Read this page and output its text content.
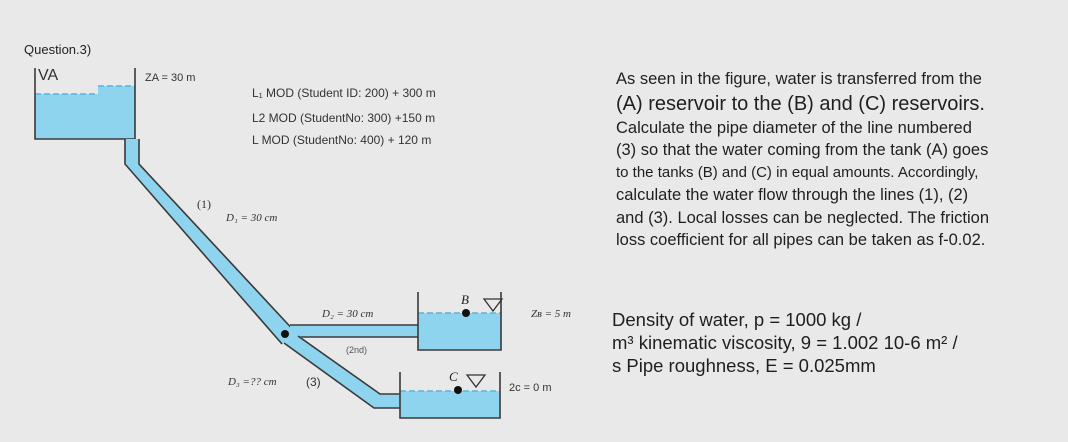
Question.3)
VA	ZA = 30 m
L₁ MOD (Student ID: 200) + 300 m
L2 MOD (StudentNo: 300) +150 m
L MOD (StudentNo: 400) + 120 m
(1)
D₁ = 30 cm
D₂ = 30 cm
(2nd)
D₃ =?? cm (3)
B
Zʙ = 5 m
C
2c = 0 m
As seen in the figure, water is transferred from the
(A) reservoir to the (B) and (C) reservoirs.
Calculate the pipe diameter of the line numbered
(3) so that the water coming from the tank (A) goes
to the tanks (B) and (C) in equal amounts. Accordingly,
calculate the water flow through the lines (1), (2)
and (3). Local losses can be neglected. The friction
loss coefficient for all pipes can be taken as f-0.02.
Density of water, p = 1000 kg /
m³ kinematic viscosity, 9 = 1.002 10-6 m² /
s Pipe roughness, E = 0.025mm
